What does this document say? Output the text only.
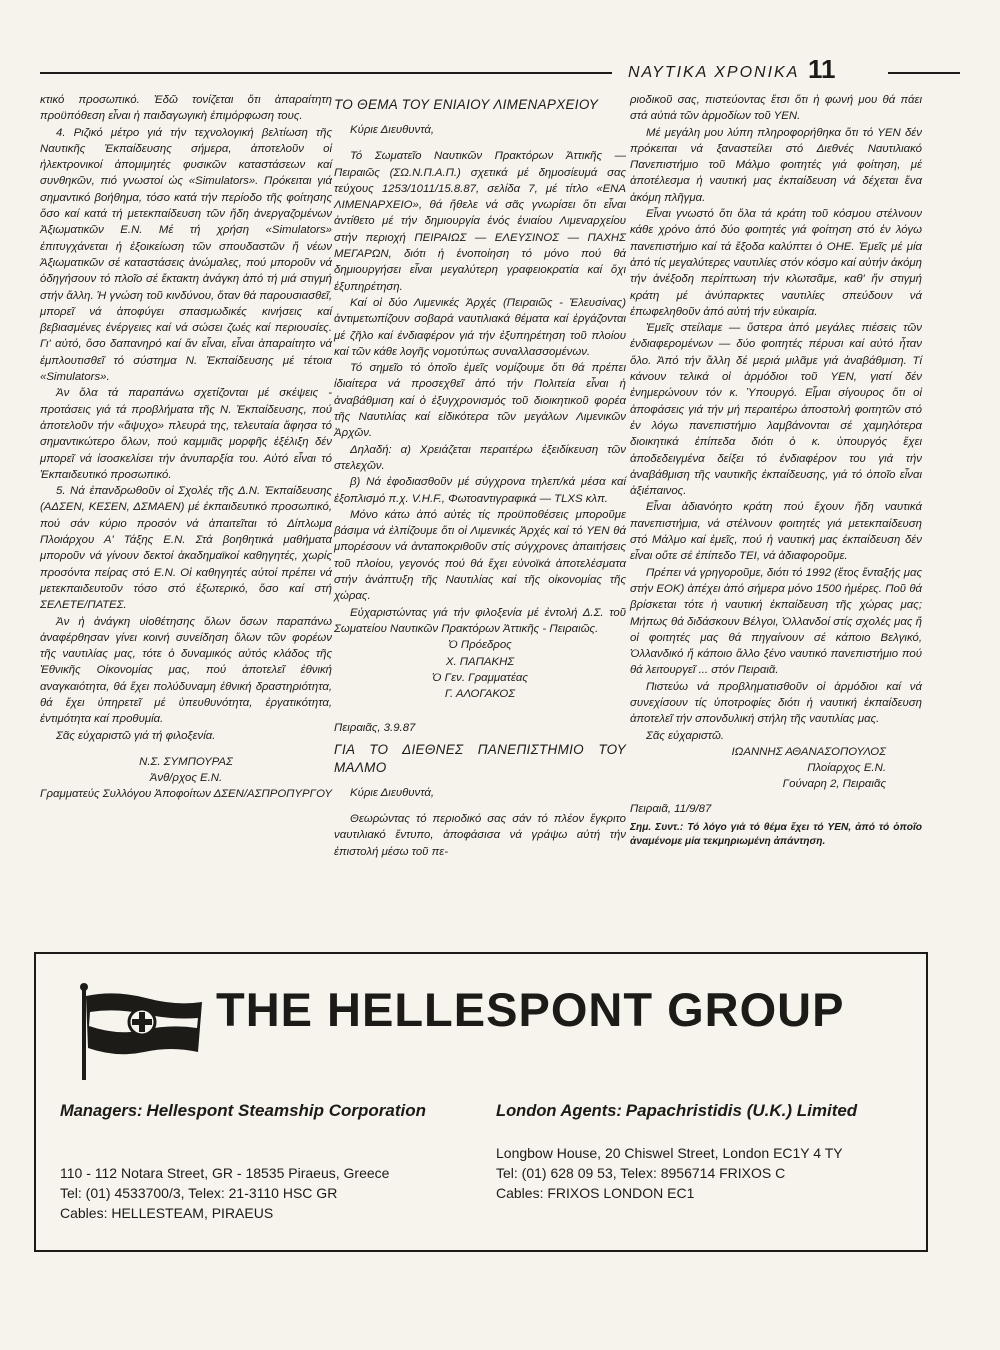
ΝΑΥΤΙΚΑ ΧΡΟΝΙΚΑ 11

κτικό προσωπικό. Ἐδῶ τονίζεται ὅτι ἀπαραίτητη προϋπόθεση εἶναι ἡ παιδαγωγικὴ ἐπιμόρφωση τους.

4. Ριζικό μέτρο γιά τήν τεχνολογική βελτίωση τῆς Ναυτικῆς Ἐκπαίδευσης σήμερα, ἀποτελοῦν οἱ ἠλεκτρονικοί ἀπομιμητές φυσικῶν καταστάσεων καί συνθηκῶν, πιό γνωστοί ὡς «Simulators». Πρόκειται γιά σημαντικό βοήθημα, τόσο κατά τήν περίοδο τῆς φοίτησης ὅσο καί κατά τή μετεκπαίδευση τῶν ἤδη ἀνεργαζομένων Ἀξιωματικῶν Ε.Ν. Μέ τή χρήση «Simulators» ἐπιτυγχάνεται ἡ ἐξοικείωση τῶν σπουδαστῶν ἤ νέων Ἀξιωματικῶν σέ καταστάσεις ἀνώμαλες, πού μποροῦν νά ὁδηγήσουν τό πλοῖο σέ ἔκτακτη ἀνάγκη ἀπό τή μιά στιγμή στήν ἄλλη. Ἡ γνώση τοῦ κινδύνου, ὅταν θά παρουσιασθεῖ, μπορεῖ νά ἀποφύγει σπασμωδικές κινήσεις καί βεβιασμένες ἐνέργειες καί νά σώσει ζωές καί περιουσίες. Γι' αὐτό, ὅσο δαπανηρό καί ἄν εἶναι, εἶναι ἀπαραίτητο νά ἐμπλουτισθεῖ τό σύστημα Ν. Ἐκπαίδευσης μέ τέτοια «Simulators».

Ἀν ὅλα τά παραπάνω σχετίζονται μέ σκέψεις - προτάσεις γιά τά προβλήματα τῆς Ν. Ἐκπαίδευσης, πού ἀποτελοῦν τήν «ἄψυχο» πλευρά της, τελευταία ἄφησα τό σημαντικώτερο ὅλων, πού καμμιᾶς μορφῆς ἐξέλιξη δέν μπορεῖ νά ἰσοσκελίσει τήν ἀνυπαρξία του. Αὐτό εἶναι τό Ἐκπαιδευτικό προσωπικό.

5. Νά ἐπανδρωθοῦν οἱ Σχολές τῆς Δ.Ν. Ἐκπαίδευσης (ΑΔΣΕΝ, ΚΕΣΕΝ, ΔΣΜΑΕΝ) μέ ἐκπαιδευτικό προσωπικό, πού σάν κύριο προσόν νά ἀπαιτεῖται τό Δίπλωμα Πλοιάρχου Α' Τάξης Ε.Ν. Στά βοηθητικά μαθήματα μποροῦν νά γίνουν δεκτοί ἀκαδημαϊκοί καθηγητές, χωρίς προσόντα πείρας στό Ε.Ν. Οἱ καθηγητές αὐτοί πρέπει νά μετεκπαιδευτοῦν τόσο στό ἐξωτερικό, ὅσο καί στή ΣΕΛΕΤΕ/ΠΑΤΕΣ.

Ἀν ἡ ἀνάγκη υἱοθέτησης ὅλων ὅσων παραπάνω ἀναφέρθησαν γίνει κοινή συνείδηση ὅλων τῶν φορέων τῆς ναυτιλίας μας, τότε ὁ δυναμικός αὐτός κλάδος τῆς Ἐθνικῆς Οἰκονομίας μας, πού ἀποτελεῖ ἐθνική αναγκαιότητα, θά ἔχει πολύδυναμη ἐθνική δραστηριότητα, θά ἔχει ὑπηρετεῖ μέ ὑπευθυνότητα, ἐργατικότητα, ἐντιμότητα καί προθυμία.

Σᾶς εὐχαριστῶ γιά τή φιλοξενία.

Ν.Σ. ΣΥΜΠΟΥΡΑΣ

Ἀνθ/ρχος Ε.Ν.

Γραμματεύς Συλλόγου Ἀποφοίτων ΔΣΕΝ/ΑΣΠΡΟΠΥΡΓΟΥ

ΤΟ ΘΕΜΑ ΤΟΥ ΕΝΙΑΙΟΥ ΛΙΜΕΝΑΡΧΕΙΟΥ

Κύριε Διευθυντά,

Τό Σωματεῖο Ναυτικῶν Πρακτόρων Ἀττικῆς — Πειραιῶς (ΣΩ.Ν.Π.Α.Π.) σχετικά μέ δημοσίευμά σας τεύχους 1253/1011/15.8.87, σελίδα 7, μέ τίτλο «ΕΝΑ ΛΙΜΕΝΑΡΧΕΙΟ», θά ἤθελε νά σᾶς γνωρίσει ὅτι εἶναι ἀντίθετο μέ τήν δημιουργία ἑνός ἑνιαίου Λιμεναρχείου στήν περιοχή ΠΕΙΡΑΙΩΣ — ΕΛΕΥΣΙΝΟΣ — ΠΑΧΗΣ ΜΕΓΑΡΩΝ, διότι ἡ ἑνοποίηση τό μόνο πού θά δημιουργήσει εἶναι μεγαλύτερη γραφειοκρατία καί ὄχι ἐξυπηρέτηση.

Καί οἱ δύο Λιμενικές Ἀρχές (Πειραιῶς - Ἐλευσίνας) ἀντιμετωπίζουν σοβαρά ναυτιλιακά θέματα καί ἐργάζονται μέ ζῆλο καί ἐνδιαφέρον γιά τήν ἐξυπηρέτηση τοῦ πλοίου καί τῶν κάθε λογῆς νομοτύπως συναλλασσομένων.

Τό σημεῖο τό ὁποῖο ἐμεῖς νομίζουμε ὅτι θά πρέπει ἰδιαίτερα νά προσεχθεῖ ἀπό τήν Πολιτεία εἶναι ἡ ἀναβάθμιση καί ὁ ἐξυγχρονισμός τοῦ διοικητικοῦ φορέα τῆς Ναυτιλίας καί εἰδικότερα τῶν μεγάλων Λιμενικῶν Ἀρχῶν.

Δηλαδή: α) Χρειάζεται περαιτέρω ἐξειδίκευση τῶν στελεχῶν.

β) Νά ἐφοδιασθοῦν μέ σύγχρονα τηλεπ/κά μέσα καί ἐξοπλισμό π.χ. V.H.F., Φωτοαντιγραφικά — TLXS κλπ.

Μόνο κάτω ἀπό αὐτές τίς προϋποθέσεις μποροῦμε βάσιμα νά ἐλπίζουμε ὅτι οἱ Λιμενικές Ἀρχές καί τό ΥΕΝ θά μπορέσουν νά ἀνταποκριθοῦν στίς σύγχρονες ἀπαιτήσεις τοῦ πλοίου, γεγονός πού θά ἔχει εὐνοϊκά ἀποτελέσματα στήν ἀνάπτυξη τῆς Ναυτιλίας καί τῆς οἰκονομίας τῆς χώρας.

Εὐχαριστώντας γιά τήν φιλοξενία μέ ἐντολή Δ.Σ. τοῦ Σωματείου Ναυτικῶν Πρακτόρων Ἀττικῆς - Πειραιῶς.

Ὁ Πρόεδρος

Χ. ΠΑΠΑΚΗΣ

Ὁ Γεν. Γραμματέας

Γ. ΑΛΟΓΑΚΟΣ

Πειραιᾶς, 3.9.87

ΓΙΑ ΤΟ ΔΙΕΘΝΕΣ ΠΑΝΕΠΙΣΤΗΜΙΟ ΤΟΥ ΜΑΛΜΟ

Κύριε Διευθυντά,

Θεωρώντας τό περιοδικό σας σάν τό πλέον ἔγκριτο ναυτιλιακό ἔντυπο, ἀποφάσισα νά γράψω αὐτή τήν ἐπιστολή μέσω τοῦ πε-

ριοδικοῦ σας, πιστεύοντας ἔτσι ὅτι ἡ φωνή μου θά πάει στά αὐτιά τῶν ἁρμοδίων τοῦ ΥΕΝ.

Μέ μεγάλη μου λύπη πληροφορήθηκα ὅτι τό ΥΕΝ δέν πρόκειται νά ξαναστείλει στό Διεθνές Ναυτιλιακό Πανεπιστήμιο τοῦ Μάλμο φοιτητές γιά φοίτηση, μέ ἀποτέλεσμα ἡ ναυτική μας ἐκπαίδευση νά δέχεται ἕνα ἀκόμη πλῆγμα.

Εἶναι γνωστό ὅτι ὅλα τά κράτη τοῦ κόσμου στέλνουν κάθε χρόνο ἀπό δύο φοιτητές γιά φοίτηση στό ἐν λόγω πανεπιστήμιο καί τά ἔξοδα καλύπτει ὁ ΟΗΕ. Ἐμεῖς μέ μία ἀπό τίς μεγαλύτερες ναυτιλίες στόν κόσμο καί αὐτήν ἀκόμη τήν ἀνέξοδη περίπτωση τήν κλωτσᾶμε, καθ' ἥν στιγμή κράτη μέ ἀνύπαρκτες ναυτιλίες σπεύδουν νά ἐπωφεληθοῦν ἀπό αὐτή τήν εὐκαιρία.

Ἐμεῖς στείλαμε — ὕστερα ἀπό μεγάλες πιέσεις τῶν ἐνδιαφερομένων — δύο φοιτητές πέρυσι καί αὐτό ἦταν ὅλο. Ἀπό τήν ἄλλη δέ μεριά μιλᾶμε γιά ἀναβάθμιση. Τί κάνουν τελικά οἱ ἁρμόδιοι τοῦ ΥΕΝ, γιατί δέν ἐνημερώνουν τόν κ. Ὑπουργό. Εἶμαι σίγουρος ὅτι οἱ ἀποφάσεις γιά τήν μή περαιτέρω ἀποστολή φοιτητῶν στό ἐν λόγω πανεπιστήμιο λαμβάνονται σέ χαμηλότερα διοικητικά ἐπίπεδα διότι ὁ κ. ὑπουργός ἔχει ἀποδεδειγμένα δείξει τό ἐνδιαφέρον του γιά τήν ἀναβάθμιση τῆς ναυτικῆς ἐκπαίδευσης, γιά τό ὁποῖο εἶναι ἀξιέπαινος.

Εἶναι ἀδιανόητο κράτη πού ἔχουν ἤδη ναυτικά πανεπιστήμια, νά στέλνουν φοιτητές γιά μετεκπαίδευση στό Μάλμο καί ἐμεῖς, πού ἡ ναυτική μας ἐκπαίδευση δέν εἶναι οὔτε σέ ἐπίπεδο ΤΕΙ, νά ἀδιαφοροῦμε.

Πρέπει νά γρηγοροῦμε, διότι τό 1992 (ἔτος ἔνταξής μας στήν ΕΟΚ) ἀπέχει ἀπό σήμερα μόνο 1500 ἡμέρες. Ποῦ θά βρίσκεται τότε ἡ ναυτική ἐκπαίδευση τῆς χώρας μας; Μήπως θά διδάσκουν Βέλγοι, Ὁλλανδοί στίς σχολές μας ἤ οἱ φοιτητές μας θά πηγαίνουν σέ κάποιο Βελγικό, Ὁλλανδικό ἤ κάποιο ἄλλο ξένο ναυτικό πανεπιστήμιο πού θά λειτουργεῖ ... στόν Πειραιᾶ.

Πιστεύω νά προβληματισθοῦν οἱ ἁρμόδιοι καί νά συνεχίσουν τίς ὑποτροφίες διότι ἡ ναυτική ἐκπαίδευση ἀποτελεῖ τήν σπονδυλική στήλη τῆς ναυτιλίας μας.

Σᾶς εὐχαριστῶ.

ΙΩΑΝΝΗΣ ΑΘΑΝΑΣΟΠΟΥΛΟΣ

Πλοίαρχος Ε.Ν.

Γούναρη 2, Πειραιᾶς

Πειραιᾶ, 11/9/87

Σημ. Συντ.: Τό λόγο γιά τό θέμα ἔχει τό ΥΕΝ, ἀπό τό ὁποῖο ἀναμένομε μία τεκμηριωμένη ἀπάντηση.

THE HELLESPONT GROUP
Managers: Hellespont Steamship Corporation	London Agents: Papachristidis (U.K.) Limited
110 - 112 Notara Street, GR - 18535 Piraeus, Greece
Tel: (01) 4533700/3, Telex: 21-3110 HSC GR
Cables: HELLESTEAM, PIRAEUS
Longbow House, 20 Chiswel Street, London EC1Y 4 TY
Tel: (01) 628 09 53, Telex: 8956714 FRIXOS C
Cables: FRIXOS LONDON EC1
